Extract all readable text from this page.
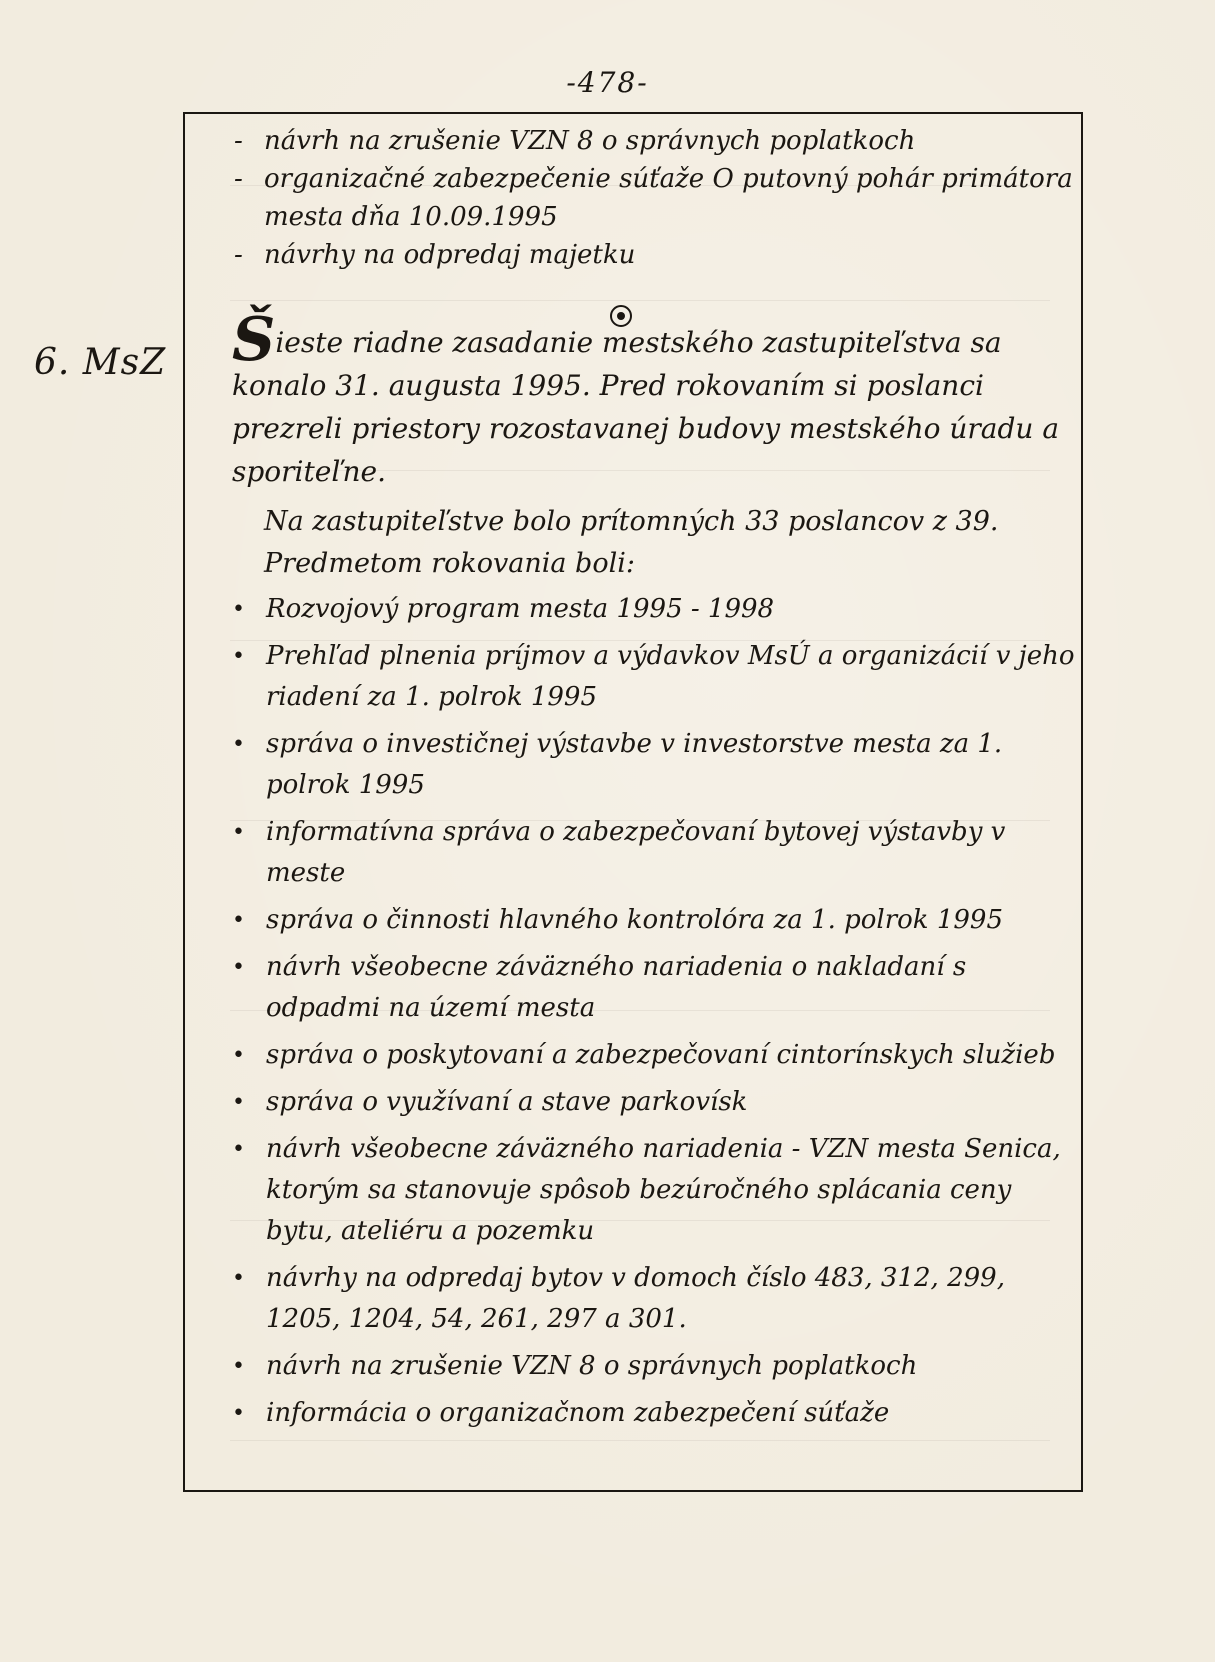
-478-
6. MsZ
- návrh na zrušenie VZN 8 o správnych poplatkoch
- organizačné zabezpečenie súťaže O putovný pohár primátora mesta dňa 10.09.1995
- návrhy na odpredaj majetku

Šieste riadne zasadanie mestského zastupiteľstva sa konalo 31. augusta 1995. Pred rokovaním si poslanci prezreli priestory rozostavanej budovy mestského úradu a sporiteľne.

Na zastupiteľstve bolo prítomných 33 poslancov z 39. Predmetom rokovania boli:

• Rozvojový program mesta 1995 - 1998
• Prehľad plnenia príjmov a výdavkov MsÚ a organizácií v jeho riadení za 1. polrok 1995
• správa o investičnej výstavbe v investorstve mesta za 1. polrok 1995
• informatívna správa o zabezpečovaní bytovej výstavby v meste
• správa o činnosti hlavného kontrolóra za 1. polrok 1995
• návrh všeobecne záväzného nariadenia o nakladaní s odpadmi na území mesta
• správa o poskytovaní a zabezpečovaní cintorínskych služieb
• správa o využívaní a stave parkovísk
• návrh všeobecne záväzného nariadenia - VZN mesta Senica, ktorým sa stanovuje spôsob bezúročného splácania ceny bytu, ateliéru a pozemku
• návrhy na odpredaj bytov v domoch číslo 483, 312, 299, 1205, 1204, 54, 261, 297 a 301.
• návrh na zrušenie VZN 8 o správnych poplatkoch
• informácia o organizačnom zabezpečení súťaže
